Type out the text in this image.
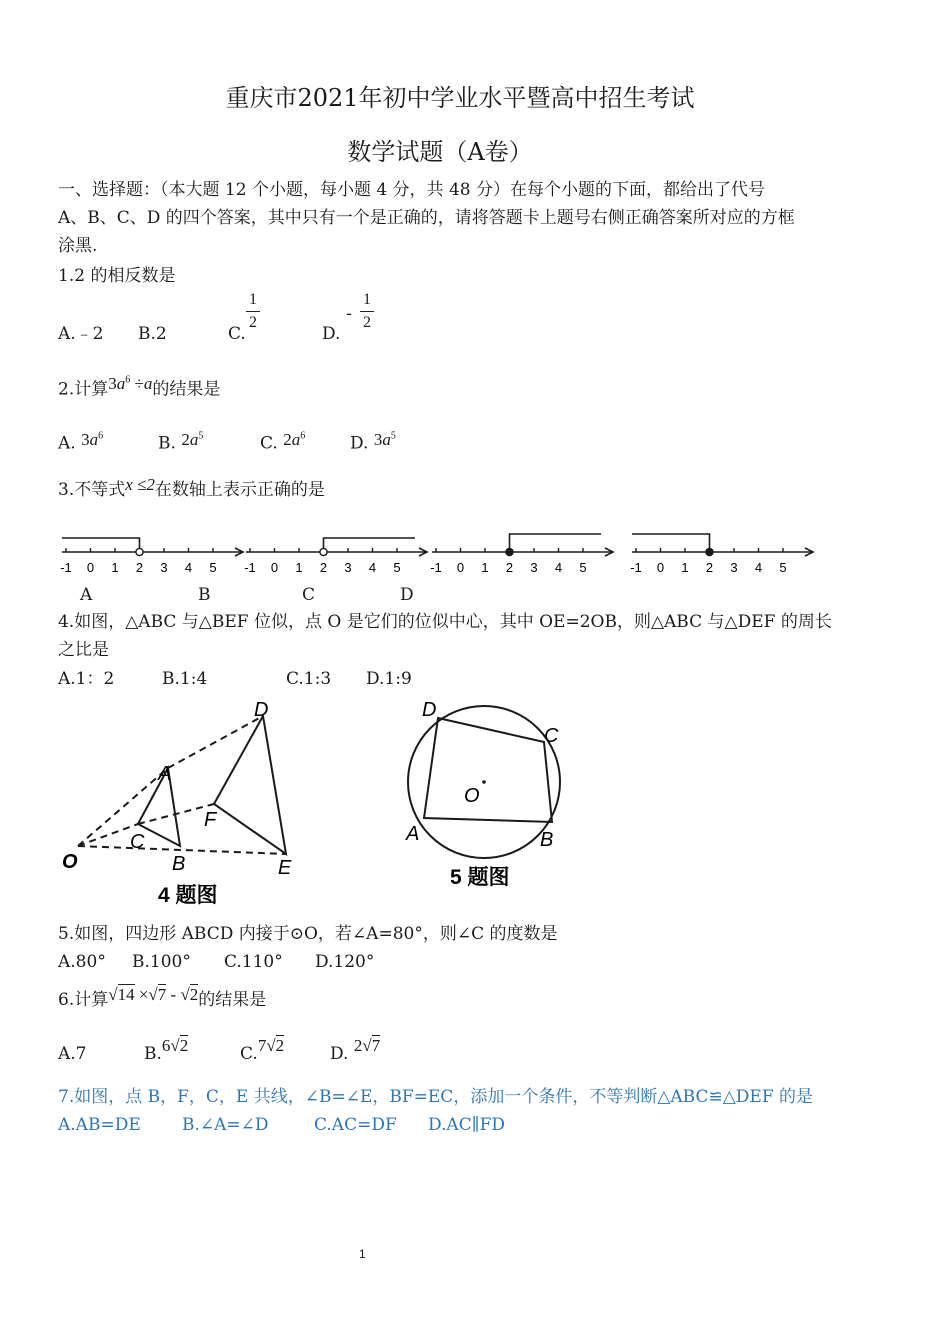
重庆市2021年初中学业水平暨高中招生考试
数学试题（A卷）
一、选择题：（本大题 12 个小题，每小题 4 分，共 48 分）在每个小题的下面，都给出了代号
A、B、C、D 的四个答案，其中只有一个是正确的，请将答题卡上题号右侧正确答案所对应的方框
涂黑.
1.2 的相反数是
A.﹣2 B.2	C.
1
2
D.
-
1
2
2.计算$3a^6 \div a$的结果是
A. $3a^6$	B. $2a^5$	C. $2a^6$	D. $3a^5$
3.不等式x ≤2在数轴上表示正确的是
-1 0 1 2 3 4 5 -1 0 1 2 3 4 5 -1 0 1 2 3 4 5	-1 0 1 2 3 4 5
A	B	C	D
4.如图，△ABC 与△BEF 位似，点 O 是它们的位似中心，其中 OE=2OB，则△ABC 与△DEF 的周长
之比是
A.1：2	B.1:4	C.1:3 D.1:9
O
A
B
C
D
E
F
4 题图
O
D
C
A	B
5 题图
5.如图，四边形 ABCD 内接于⊙O，若∠A=80°，则∠C 的度数是
A.80° B.100° C.110° D.120°
6.计算√14 ×√7 - √2的结果是
A.7	B.6√2	C.7√2	D. 2√7
7.如图，点 B，F，C，E 共线，∠B=∠E，BF=EC，添加一个条件，不等判断△ABC≌△DEF 的是
A.AB=DE B.∠A=∠D	C.AC=DF D.AC∥FD
1
